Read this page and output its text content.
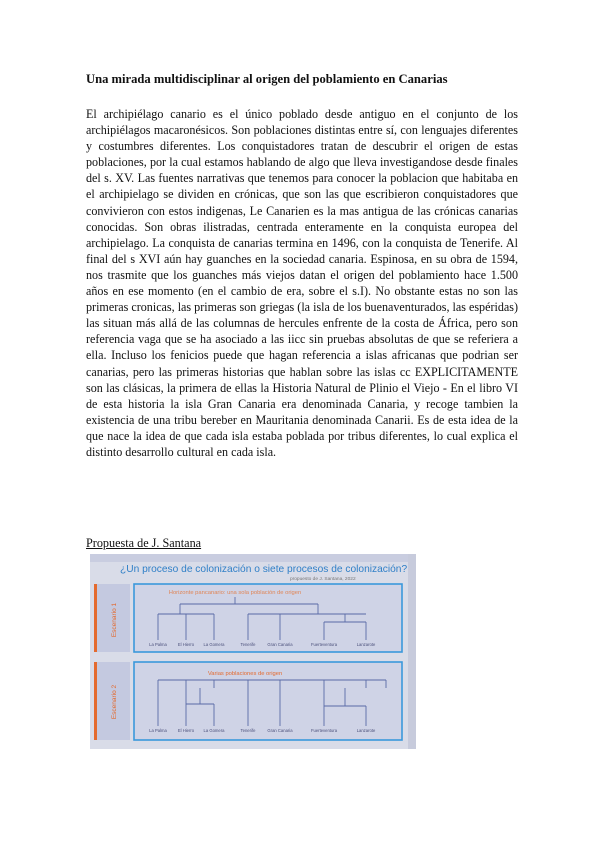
Una mirada multidisciplinar al origen del poblamiento en Canarias

El archipiélago canario es el único poblado desde antiguo en el conjunto de los archipiélagos macaronésicos. Son poblaciones distintas entre sí, con lenguajes diferentes y costumbres diferentes. Los conquistadores tratan de descubrir el origen de estas poblaciones, por la cual estamos hablando de algo que lleva investigandose desde finales del s. XV. Las fuentes narrativas que tenemos para conocer la poblacion que habitaba en el archipielago se dividen en crónicas, que son las que escribieron conquistadores que convivieron con estos indigenas, Le Canarien es la mas antigua de las crónicas canarias conocidas. Son obras ilistradas, centrada enteramente en la conquista europea del archipielago. La conquista de canarias termina en 1496, con la conquista de Tenerife. Al final del s XVI aún hay guanches en la sociedad canaria. Espinosa, en su obra de 1594, nos trasmite que los guanches más viejos datan el origen del poblamiento hace 1.500 años en ese momento (en el cambio de era, sobre el s.I). No obstante estas no son las primeras cronicas, las primeras son griegas (la isla de los buenaventurados, las espéridas) las situan más allá de las columnas de hercules enfrente de la costa de África, pero son referencia vaga que se ha asociado a las iicc sin pruebas absolutas de que se referiera a ella. Incluso los fenicios puede que hagan referencia a islas africanas que podrian ser canarias, pero las primeras historias que hablan sobre las islas cc EXPLICITAMENTE son las clásicas, la primera de ellas la Historia Natural de Plinio el Viejo - En el libro VI de esta historia la isla Gran Canaria era denominada Canaria, y recoge tambien la existencia de una tribu bereber en Mauritania denominada Canarii. Es de esta idea de la que nace la idea de que cada isla estaba poblada por tribus diferentes, lo cual explica el distinto desarrollo cultural en cada isla.

Propuesta de J. Santana
¿Un proceso de colonización o siete procesos de colonización?
propuesto de J. Santana, 2022
Escenario 1
Horizonte pancanario: una sola población de origen
La Palma	El Hierro La Gomera	Tenerife	Gran Canaria	Fuerteventura	Lanzarote
Escenario 2
Varias poblaciones de origen
La Palma	El Hierro La Gomera	Tenerife	Gran Canaria	Fuerteventura	Lanzarote
